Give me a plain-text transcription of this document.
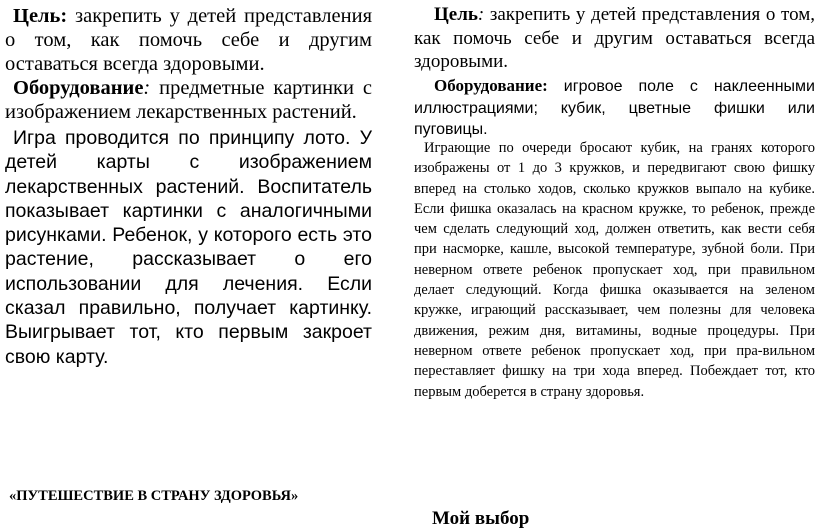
Цель: закрепить у детей представления о том, как помочь себе и другим оставаться всегда здоровыми.

Оборудование: предметные картинки с изображением лекарственных растений.

Игра проводится по принципу лото. У детей карты с изображением лекарственных растений. Воспитатель показывает картинки с аналогичными рисунками. Ребенок, у которого есть это растение, рассказывает о его использовании для лечения. Если сказал правильно, получает картинку. Выигрывает тот, кто первым закроет свою карту.

«ПУТЕШЕСТВИЕ В СТРАНУ ЗДОРОВЬЯ»

Цель: закрепить у детей представления о том, как помочь себе и другим оставаться всегда здоровыми.

Оборудование: игровое поле с наклеенными иллюстрациями; кубик, цветные фишки или пуговицы.

Играющие по очереди бросают кубик, на гранях которого изображены от 1 до 3 кружков, и передвигают свою фишку вперед на столько ходов, сколько кружков выпало на кубике. Если фишка оказалась на красном кружке, то ребенок, прежде чем сделать следующий ход, должен ответить, как вести себя при насморке, кашле, высокой температуре, зубной боли. При неверном ответе ребенок пропускает ход, при правильном делает следующий. Когда фишка оказывается на зеленом кружке, играющий рассказывает, чем полезны для человека движения, режим дня, витамины, водные процедуры. При неверном ответе ребенок пропускает ход, при пра-вильном переставляет фишку на три хода вперед. Побеждает тот, кто первым доберется в страну здоровья.

Мой выбор
